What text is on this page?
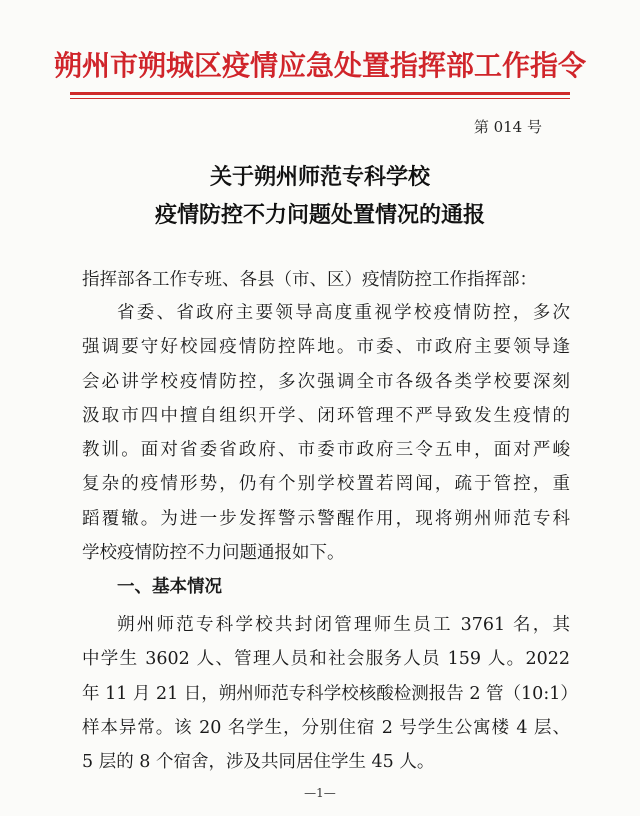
朔州市朔城区疫情应急处置指挥部工作指令
第 014 号
关于朔州师范专科学校
疫情防控不力问题处置情况的通报
指挥部各工作专班、各县（市、区）疫情防控工作指挥部：
省委、省政府主要领导高度重视学校疫情防控，多次
强调要守好校园疫情防控阵地。市委、市政府主要领导逢
会必讲学校疫情防控，多次强调全市各级各类学校要深刻
汲取市四中擅自组织开学、闭环管理不严导致发生疫情的
教训。面对省委省政府、市委市政府三令五申，面对严峻
复杂的疫情形势，仍有个别学校置若罔闻，疏于管控，重
蹈覆辙。为进一步发挥警示警醒作用，现将朔州师范专科
学校疫情防控不力问题通报如下。
一、基本情况
朔州师范专科学校共封闭管理师生员工 3761 名，其
中学生 3602 人、管理人员和社会服务人员 159 人。2022
年 11 月 21 日，朔州师范专科学校核酸检测报告 2 管（10:1）
样本异常。该 20 名学生，分别住宿 2 号学生公寓楼 4 层、
5 层的 8 个宿舍，涉及共同居住学生 45 人。
—1—
